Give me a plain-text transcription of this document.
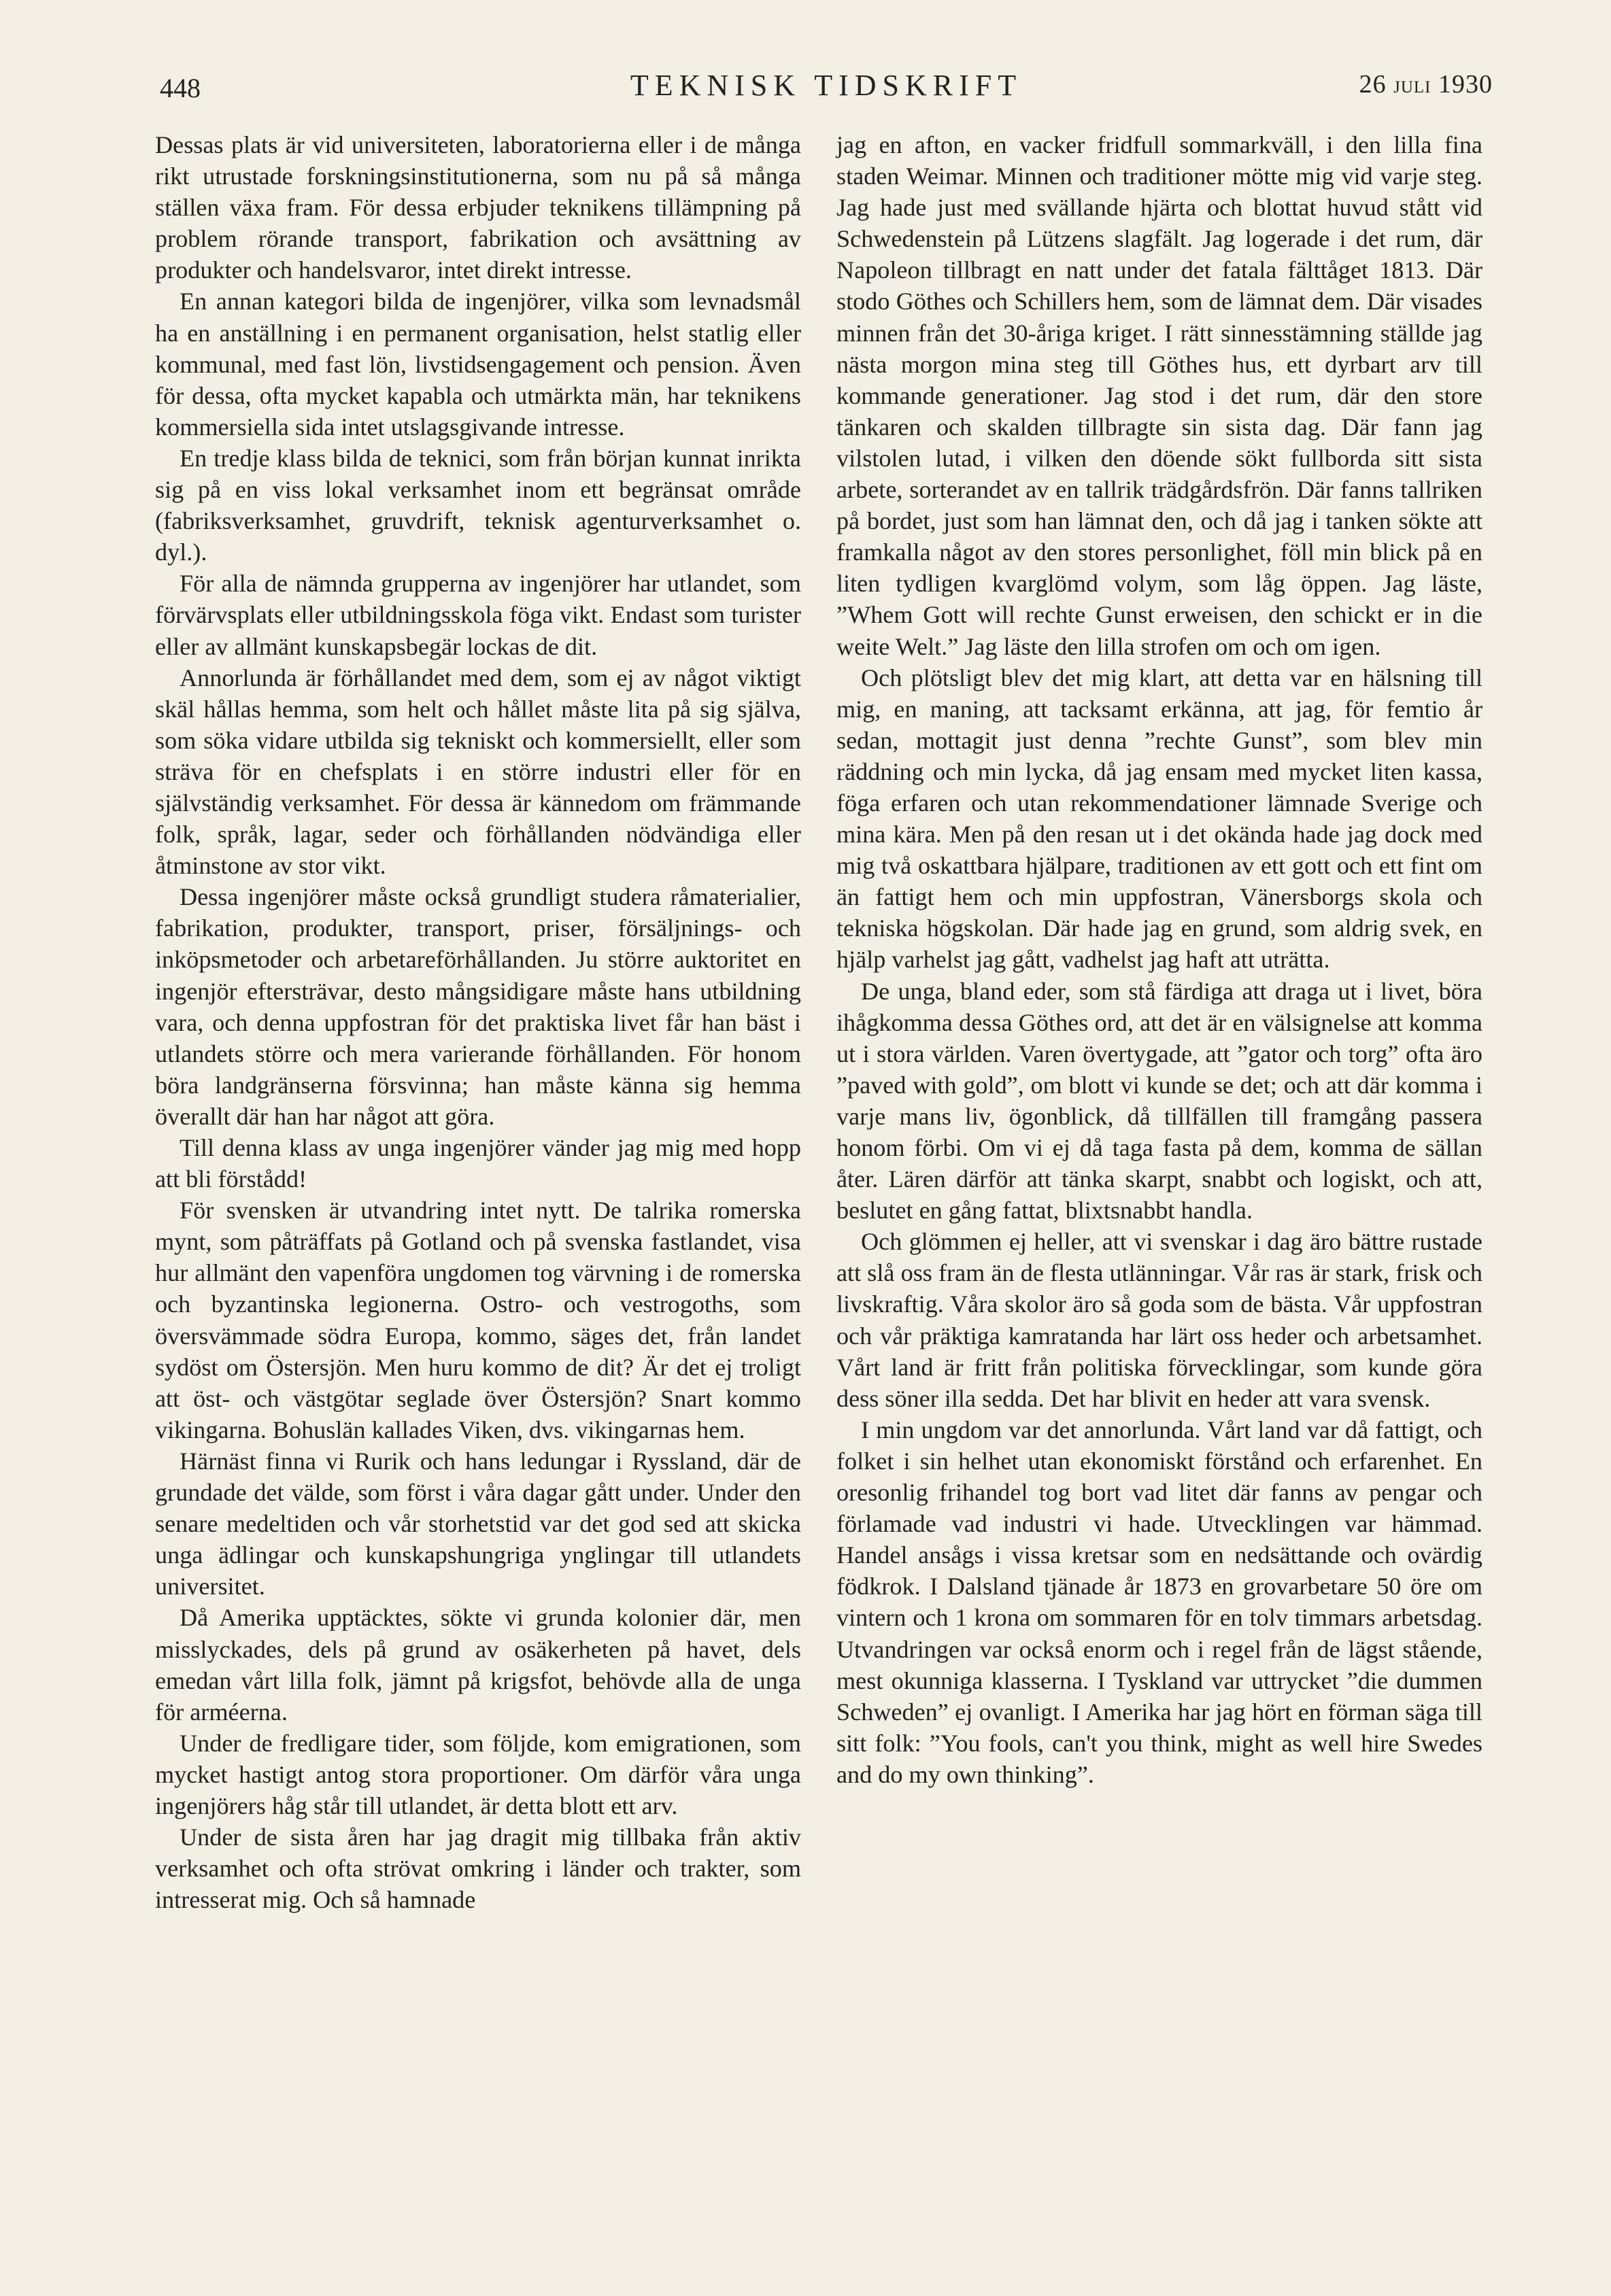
448	TEKNISK TIDSKRIFT	26 juli 1930

Dessas plats är vid universiteten, laboratorierna eller i de många rikt utrustade forskningsinstitutionerna, som nu på så många ställen växa fram. För dessa erbjuder teknikens tillämpning på problem rörande transport, fabrikation och avsättning av produkter och handelsvaror, intet direkt intresse.

En annan kategori bilda de ingenjörer, vilka som levnadsmål ha en anställning i en permanent organisation, helst statlig eller kommunal, med fast lön, livstidsengagement och pension. Även för dessa, ofta mycket kapabla och utmärkta män, har teknikens kommersiella sida intet utslagsgivande intresse.

En tredje klass bilda de teknici, som från början kunnat inrikta sig på en viss lokal verksamhet inom ett begränsat område (fabriksverksamhet, gruvdrift, teknisk agenturverksamhet o. dyl.).

För alla de nämnda grupperna av ingenjörer har utlandet, som förvärvsplats eller utbildningsskola föga vikt. Endast som turister eller av allmänt kunskapsbegär lockas de dit.

Annorlunda är förhållandet med dem, som ej av något viktigt skäl hållas hemma, som helt och hållet måste lita på sig själva, som söka vidare utbilda sig tekniskt och kommersiellt, eller som sträva för en chefsplats i en större industri eller för en självständig verksamhet. För dessa är kännedom om främmande folk, språk, lagar, seder och förhållanden nödvändiga eller åtminstone av stor vikt.

Dessa ingenjörer måste också grundligt studera råmaterialier, fabrikation, produkter, transport, priser, försäljnings- och inköpsmetoder och arbetareförhållanden. Ju större auktoritet en ingenjör eftersträvar, desto mångsidigare måste hans utbildning vara, och denna uppfostran för det praktiska livet får han bäst i utlandets större och mera varierande förhållanden. För honom böra landgränserna försvinna; han måste känna sig hemma överallt där han har något att göra.

Till denna klass av unga ingenjörer vänder jag mig med hopp att bli förstådd!

För svensken är utvandring intet nytt. De talrika romerska mynt, som påträffats på Gotland och på svenska fastlandet, visa hur allmänt den vapenföra ungdomen tog värvning i de romerska och byzantinska legionerna. Ostro- och vestrogoths, som översvämmade södra Europa, kommo, säges det, från landet sydöst om Östersjön. Men huru kommo de dit? Är det ej troligt att öst- och västgötar seglade över Östersjön? Snart kommo vikingarna. Bohuslän kallades Viken, dvs. vikingarnas hem.

Härnäst finna vi Rurik och hans ledungar i Ryssland, där de grundade det välde, som först i våra dagar gått under. Under den senare medeltiden och vår storhetstid var det god sed att skicka unga ädlingar och kunskapshungriga ynglingar till utlandets universitet.

Då Amerika upptäcktes, sökte vi grunda kolonier där, men misslyckades, dels på grund av osäkerheten på havet, dels emedan vårt lilla folk, jämnt på krigsfot, behövde alla de unga för arméerna.

Under de fredligare tider, som följde, kom emigrationen, som mycket hastigt antog stora proportioner. Om därför våra unga ingenjörers håg står till utlandet, är detta blott ett arv.

Under de sista åren har jag dragit mig tillbaka från aktiv verksamhet och ofta strövat omkring i länder och trakter, som intresserat mig. Och så hamnade

jag en afton, en vacker fridfull sommarkväll, i den lilla fina staden Weimar. Minnen och traditioner mötte mig vid varje steg. Jag hade just med svällande hjärta och blottat huvud stått vid Schwedenstein på Lützens slagfält. Jag logerade i det rum, där Napoleon tillbragt en natt under det fatala fälttåget 1813. Där stodo Göthes och Schillers hem, som de lämnat dem. Där visades minnen från det 30-åriga kriget. I rätt sinnesstämning ställde jag nästa morgon mina steg till Göthes hus, ett dyrbart arv till kommande generationer. Jag stod i det rum, där den store tänkaren och skalden tillbragte sin sista dag. Där fann jag vilstolen lutad, i vilken den döende sökt fullborda sitt sista arbete, sorterandet av en tallrik trädgårdsfrön. Där fanns tallriken på bordet, just som han lämnat den, och då jag i tanken sökte att framkalla något av den stores personlighet, föll min blick på en liten tydligen kvarglömd volym, som låg öppen. Jag läste, ”Whem Gott will rechte Gunst erweisen, den schickt er in die weite Welt.” Jag läste den lilla strofen om och om igen.

Och plötsligt blev det mig klart, att detta var en hälsning till mig, en maning, att tacksamt erkänna, att jag, för femtio år sedan, mottagit just denna ”rechte Gunst”, som blev min räddning och min lycka, då jag ensam med mycket liten kassa, föga erfaren och utan rekommendationer lämnade Sverige och mina kära. Men på den resan ut i det okända hade jag dock med mig två oskattbara hjälpare, traditionen av ett gott och ett fint om än fattigt hem och min uppfostran, Vänersborgs skola och tekniska högskolan. Där hade jag en grund, som aldrig svek, en hjälp varhelst jag gått, vadhelst jag haft att uträtta.

De unga, bland eder, som stå färdiga att draga ut i livet, böra ihågkomma dessa Göthes ord, att det är en välsignelse att komma ut i stora världen. Varen övertygade, att ”gator och torg” ofta äro ”paved with gold”, om blott vi kunde se det; och att där komma i varje mans liv, ögonblick, då tillfällen till framgång passera honom förbi. Om vi ej då taga fasta på dem, komma de sällan åter. Lären därför att tänka skarpt, snabbt och logiskt, och att, beslutet en gång fattat, blixtsnabbt handla.

Och glömmen ej heller, att vi svenskar i dag äro bättre rustade att slå oss fram än de flesta utlänningar. Vår ras är stark, frisk och livskraftig. Våra skolor äro så goda som de bästa. Vår uppfostran och vår präktiga kamratanda har lärt oss heder och arbetsamhet. Vårt land är fritt från politiska förvecklingar, som kunde göra dess söner illa sedda. Det har blivit en heder att vara svensk.

I min ungdom var det annorlunda. Vårt land var då fattigt, och folket i sin helhet utan ekonomiskt förstånd och erfarenhet. En oresonlig frihandel tog bort vad litet där fanns av pengar och förlamade vad industri vi hade. Utvecklingen var hämmad. Handel ansågs i vissa kretsar som en nedsättande och ovärdig födkrok. I Dalsland tjänade år 1873 en grovarbetare 50 öre om vintern och 1 krona om sommaren för en tolv timmars arbetsdag. Utvandringen var också enorm och i regel från de lägst stående, mest okunniga klasserna. I Tyskland var uttrycket ”die dummen Schweden” ej ovanligt. I Amerika har jag hört en förman säga till sitt folk: ”You fools, can't you think, might as well hire Swedes and do my own thinking”.
